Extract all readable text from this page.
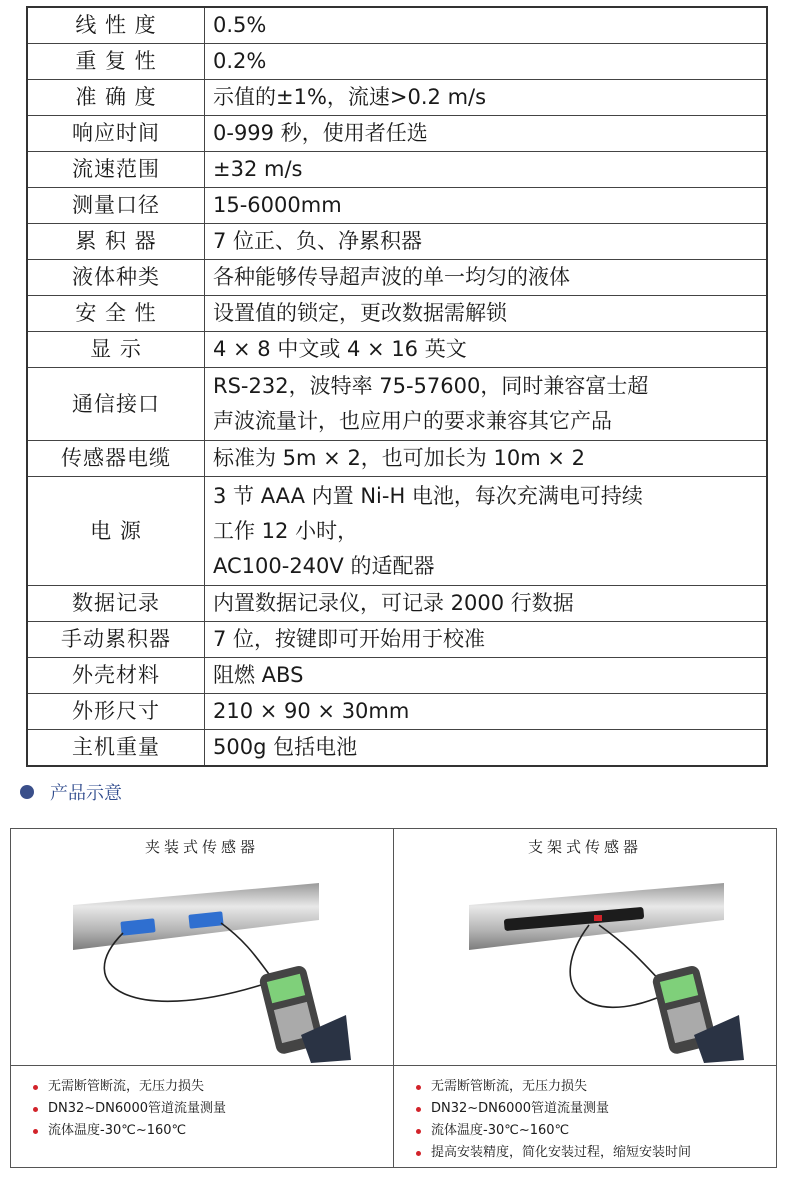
线 性 度	0.5%

重 复 性	0.2%

准 确 度	示值的±1%，流速>0.2 m/s

响应时间	0-999 秒，使用者任选

流速范围	±32 m/s

测量口径	15-6000mm

累 积 器	7 位正、负、净累积器

液体种类	各种能够传导超声波的单一均匀的液体

安 全 性	设置值的锁定，更改数据需解锁

显 示	4 × 8 中文或 4 × 16 英文

通信接口	RS-232，波特率 75-57600，同时兼容富士超
声波流量计，也应用户的要求兼容其它产品

传感器电缆	标准为 5m × 2，也可加长为 10m × 2

电 源	3 节 AAA 内置 Ni-H 电池，每次充满电可持续
工作 12 小时，
AC100-240V 的适配器

数据记录	内置数据记录仪，可记录 2000 行数据

手动累积器	7 位，按键即可开始用于校准

外壳材料	阻燃 ABS

外形尺寸	210 × 90 × 30mm

主机重量	500g 包括电池
产品示意
夹装式传感器
无需断管断流，无压力损失
DN32~DN6000管道流量测量
流体温度-30℃~160℃
支架式传感器
无需断管断流，无压力损失
DN32~DN6000管道流量测量
流体温度-30℃~160℃
提高安装精度，简化安装过程，缩短安装时间
